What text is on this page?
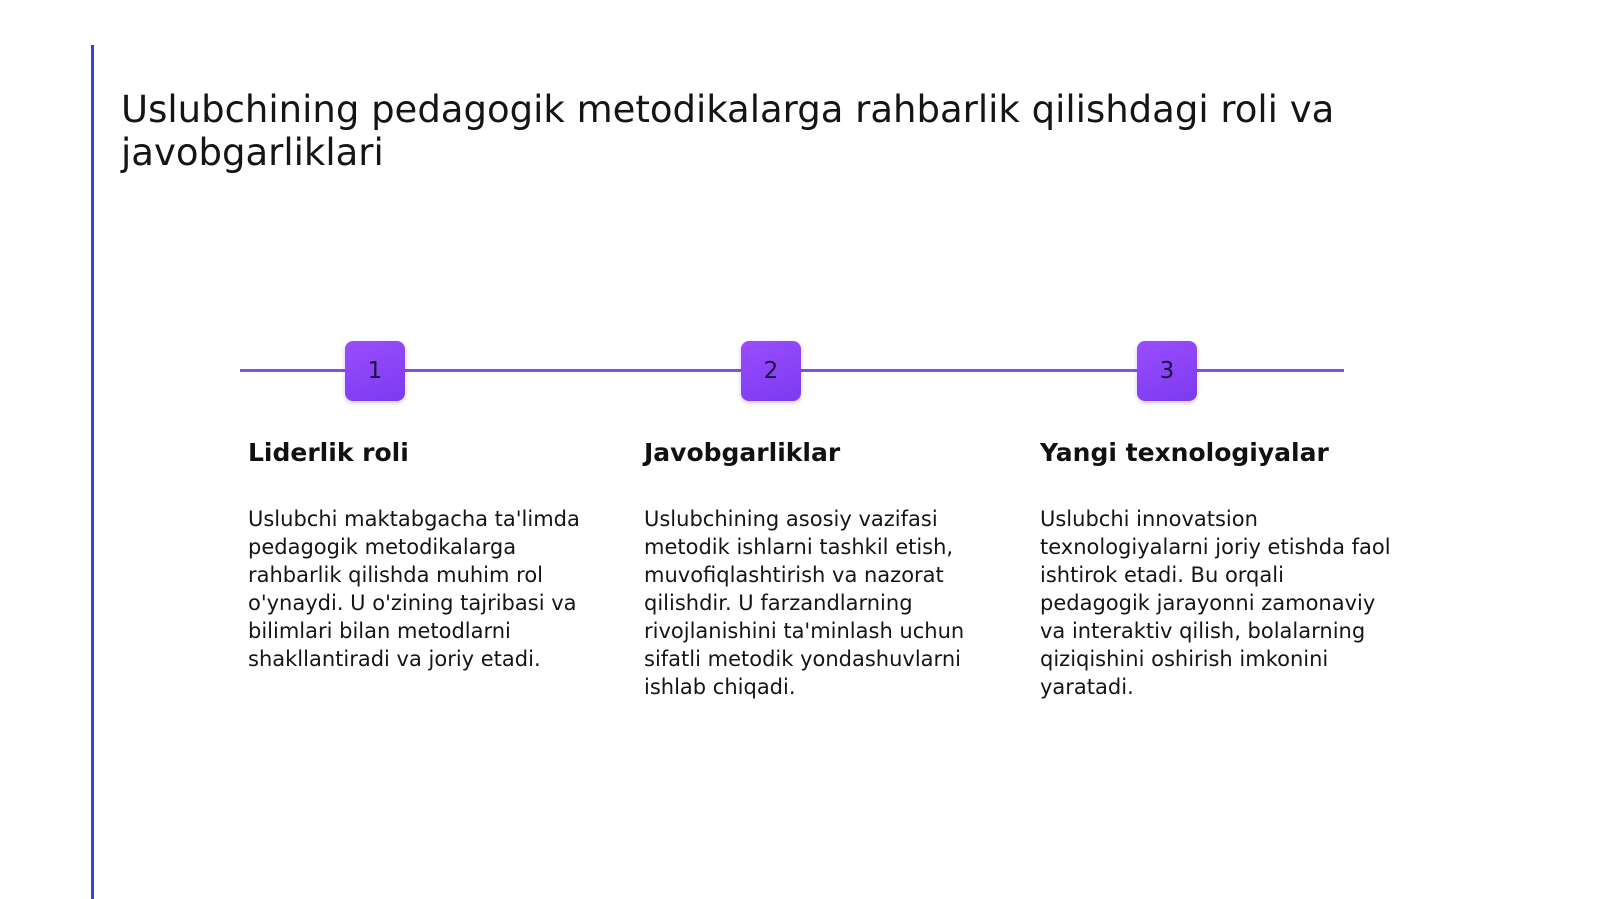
Uslubchining pedagogik metodikalarga rahbarlik qilishdagi roli va javobgarliklari
1	2	3
Liderlik roli

Uslubchi maktabgacha ta'limda pedagogik metodikalarga rahbarlik qilishda muhim rol o'ynaydi. U o'zining tajribasi va bilimlari bilan metodlarni shakllantiradi va joriy etadi.

Javobgarliklar

Uslubchining asosiy vazifasi metodik ishlarni tashkil etish, muvofiqlashtirish va nazorat qilishdir. U farzandlarning rivojlanishini ta'minlash uchun sifatli metodik yondashuvlarni ishlab chiqadi.

Yangi texnologiyalar

Uslubchi innovatsion texnologiyalarni joriy etishda faol ishtirok etadi. Bu orqali pedagogik jarayonni zamonaviy va interaktiv qilish, bolalarning qiziqishini oshirish imkonini yaratadi.
